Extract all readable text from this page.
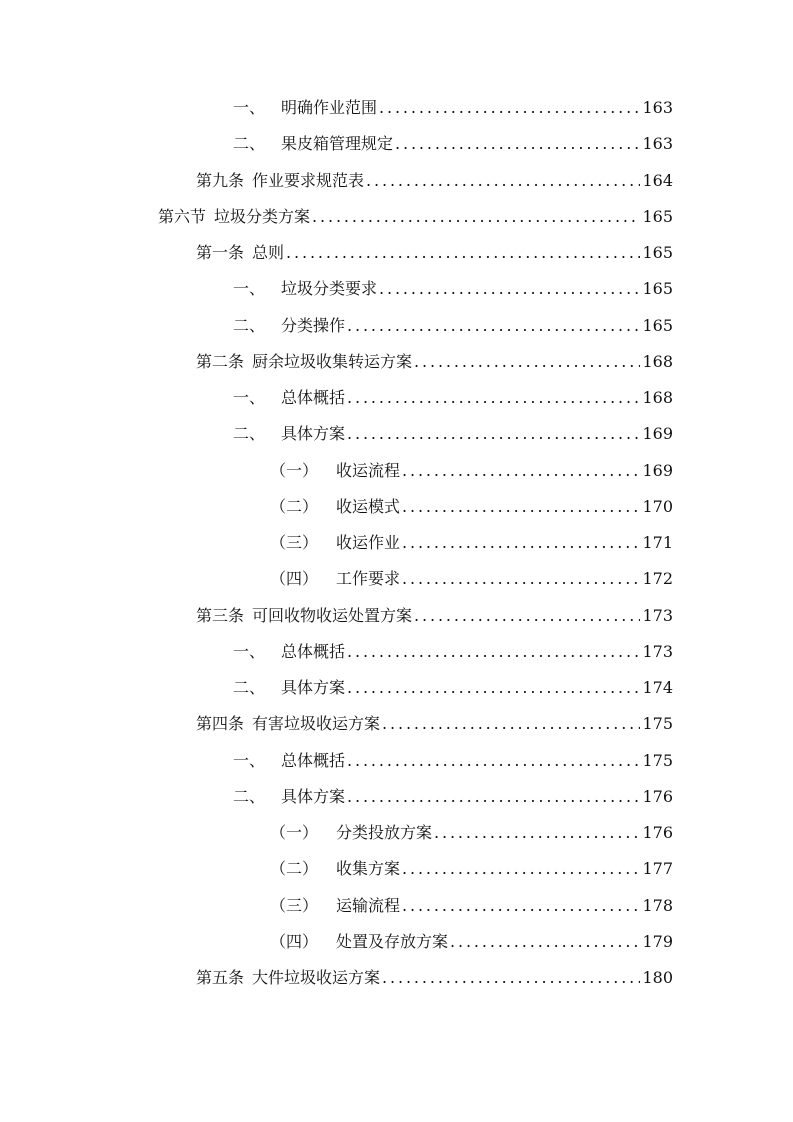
一、 明确作业范围 . . .	163
二、 果皮箱管理规定 . . .	163
第九条 作业要求规范表 . . .	164
第六节 垃圾分类方案 . . .	165
第一条 总则 . . .	165
一、 垃圾分类要求 . . .	165
二、 分类操作 . . .	165
第二条 厨余垃圾收集转运方案 . . .	168
一、 总体概括 . . .	168
二、 具体方案 . . .	169
（一）	收运流程 . . .	169
（二）	收运模式 . . .	170
（三）	收运作业 . . .	171
（四）	工作要求 . . .	172
第三条 可回收物收运处置方案 . . .	173
一、 总体概括 . . .	173
二、 具体方案 . . .	174
第四条 有害垃圾收运方案 . . .	175
一、 总体概括 . . .	175
二、 具体方案 . . .	176
（一）	分类投放方案 . . .	176
（二）	收集方案 . . .	177
（三）	运输流程 . . .	178
（四）	处置及存放方案 . . .	179
第五条 大件垃圾收运方案 . . .	180
